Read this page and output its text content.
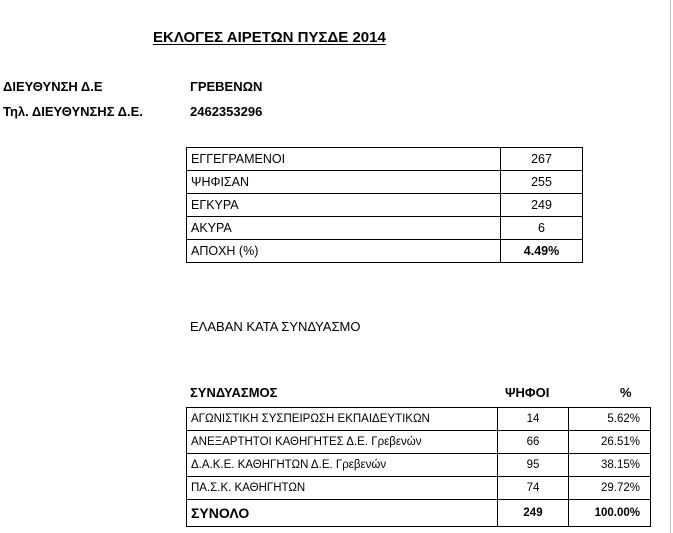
ΕΚΛΟΓΕΣ ΑΙΡΕΤΩΝ ΠΥΣΔΕ 2014
ΔΙΕΥΘΥΝΣΗ Δ.Ε	ΓΡΕΒΕΝΩΝ
Τηλ. ΔΙΕΥΘΥΝΣΗΣ Δ.Ε.	2462353296
ΕΓΓΕΓΡΑΜΕΝΟΙ	267
ΨΗΦΙΣΑΝ	255
ΕΓΚΥΡΑ	249
ΑΚΥΡΑ	6
ΑΠΟΧΗ (%)	4.49%
ΕΛΑΒΑΝ ΚΑΤΑ ΣΥΝΔΥΑΣΜΟ
ΣΥΝΔΥΑΣΜΟΣ	ΨΗΦΟΙ	%
ΑΓΩΝΙΣΤΙΚΗ ΣΥΣΠΕΙΡΩΣΗ ΕΚΠΑΙΔΕΥΤΙΚΩΝ	14	5.62%
ΑΝΕΞΑΡΤΗΤΟΙ ΚΑΘΗΓΗΤΕΣ Δ.Ε. Γρεβενών	66	26.51%
Δ.Α.Κ.Ε. ΚΑΘΗΓΗΤΩΝ Δ.Ε. Γρεβενών	95	38.15%
ΠΑ.Σ.Κ. ΚΑΘΗΓΗΤΩΝ	74	29.72%
ΣΥΝΟΛΟ	249	100.00%
